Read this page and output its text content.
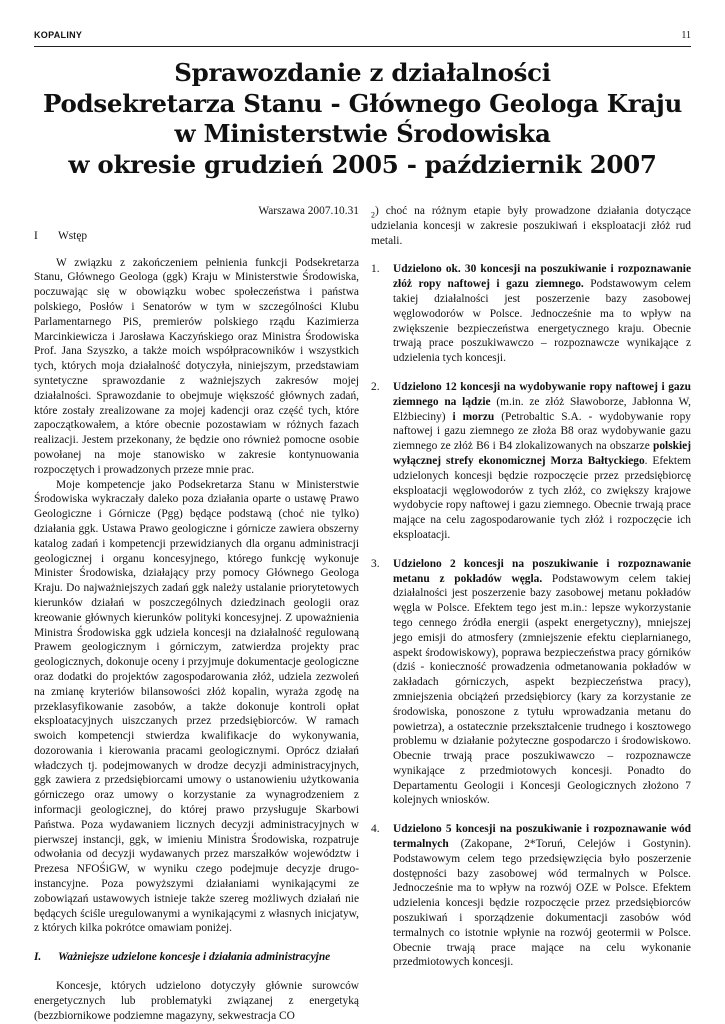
KOPALINY	11
Sprawozdanie z działalności
Podsekretarza Stanu - Głównego Geologa Kraju
w Ministerstwie Środowiska
w okresie grudzień 2005 - październik 2007

Warszawa 2007.10.31

I Wstęp

W związku z zakończeniem pełnienia funkcji Podsekretarza Stanu, Głównego Geologa (ggk) Kraju w Ministerstwie Środowiska, poczuwając się w obowiązku wobec społeczeństwa i państwa polskiego, Posłów i Senatorów w tym w szczególności Klubu Parlamentarnego PiS, premierów polskiego rządu Kazimierza Marcinkiewicza i Jarosława Kaczyńskiego oraz Ministra Środowiska Prof. Jana Szyszko, a także moich współpracowników i wszystkich tych, których moja działalność dotyczyła, niniejszym, przedstawiam syntetyczne sprawozdanie z ważniejszych zakresów mojej działalności. Sprawozdanie to obejmuje większość głównych zadań, które zostały zrealizowane za mojej kadencji oraz część tych, które zapoczątkowałem, a które obecnie pozostawiam w różnych fazach realizacji. Jestem przekonany, że będzie ono również pomocne osobie powołanej na moje stanowisko w zakresie kontynuowania rozpoczętych i prowadzonych przeze mnie prac.

Moje kompetencje jako Podsekretarza Stanu w Ministerstwie Środowiska wykraczały daleko poza działania oparte o ustawę Prawo Geologiczne i Górnicze (Pgg) będące podstawą (choć nie tylko) działania ggk. Ustawa Prawo geologiczne i górnicze zawiera obszerny katalog zadań i kompetencji przewidzianych dla organu administracji geologicznej i organu koncesyjnego, którego funkcję wykonuje Minister Środowiska, działający przy pomocy Głównego Geologa Kraju. Do najważniejszych zadań ggk należy ustalanie priorytetowych kierunków działań w poszczególnych dziedzinach geologii oraz kreowanie głównych kierunków polityki koncesyjnej. Z upoważnienia Ministra Środowiska ggk udziela koncesji na działalność regulowaną Prawem geologicznym i górniczym, zatwierdza projekty prac geologicznych, dokonuje oceny i przyjmuje dokumentacje geologiczne oraz dodatki do projektów zagospodarowania złóż, udziela zezwoleń na zmianę kryteriów bilansowości złóż kopalin, wyraża zgodę na przeklasyfikowanie zasobów, a także dokonuje kontroli opłat eksploatacyjnych uiszczanych przez przedsiębiorców. W ramach swoich kompetencji stwierdza kwalifikacje do wykonywania, dozorowania i kierowania pracami geologicznymi. Oprócz działań władczych tj. podejmowanych w drodze decyzji administracyjnych, ggk zawiera z przedsiębiorcami umowy o ustanowieniu użytkowania górniczego oraz umowy o korzystanie za wynagrodzeniem z informacji geologicznej, do której prawo przysługuje Skarbowi Państwa. Poza wydawaniem licznych decyzji administracyjnych w pierwszej instancji, ggk, w imieniu Ministra Środowiska, rozpatruje odwołania od decyzji wydawanych przez marszałków województw i Prezesa NFOŚiGW, w wyniku czego podejmuje decyzje drugo-instancyjne. Poza powyższymi działaniami wynikającymi ze zobowiązań ustawowych istnieje także szereg możliwych działań nie będących ściśle uregulowanymi a wynikającymi z własnych inicjatyw, z których kilka pokrótce omawiam poniżej.

I. Ważniejsze udzielone koncesje i działania administracyjne

Koncesje, których udzielono dotyczyły głównie surowców energetycznych lub problematyki związanej z energetyką (bezzbiornikowe podziemne magazyny, sekwestracja CO

$_2$) choć na różnym etapie były prowadzone działania dotyczące udzielania koncesji w zakresie poszukiwań i eksploatacji złóż rud metali.

1.	Udzielono ok. 30 koncesji na poszukiwanie i rozpoznawanie złóż ropy naftowej i gazu ziemnego. Podstawowym celem takiej działalności jest poszerzenie bazy zasobowej węglowodorów w Polsce. Jednocześnie ma to wpływ na zwiększenie bezpieczeństwa energetycznego kraju. Obecnie trwają prace poszukiwawczo – rozpoznawcze wynikające z udzielenia tych koncesji.
2.	Udzielono 12 koncesji na wydobywanie ropy naftowej i gazu ziemnego na lądzie (m.in. ze złóż Sławoborze, Jabłonna W, Elżbieciny) i morzu (Petrobaltic S.A. - wydobywanie ropy naftowej i gazu ziemnego ze złoża B8 oraz wydobywanie gazu ziemnego ze złóż B6 i B4 zlokalizowanych na obszarze polskiej wyłącznej strefy ekonomicznej Morza Bałtyckiego. Efektem udzielonych koncesji będzie rozpoczęcie przez przedsiębiorcę eksploatacji węglowodorów z tych złóż, co zwiększy krajowe wydobycie ropy naftowej i gazu ziemnego. Obecnie trwają prace mające na celu zagospodarowanie tych złóż i rozpoczęcie ich eksploatacji.
3.	Udzielono 2 koncesji na poszukiwanie i rozpoznawanie metanu z pokładów węgla. Podstawowym celem takiej działalności jest poszerzenie bazy zasobowej metanu pokładów węgla w Polsce. Efektem tego jest m.in.: lepsze wykorzystanie tego cennego źródła energii (aspekt energetyczny), mniejszej jego emisji do atmosfery (zmniejszenie efektu cieplarnianego, aspekt środowiskowy), poprawa bezpieczeństwa pracy górników (dziś - konieczność prowadzenia odmetanowania pokładów w zakładach górniczych, aspekt bezpieczeństwa pracy), zmniejszenia obciążeń przedsiębiorcy (kary za korzystanie ze środowiska, ponoszone z tytułu wprowadzania metanu do powietrza), a ostatecznie przekształcenie trudnego i kosztowego problemu w działanie pożyteczne gospodarczo i środowiskowo. Obecnie trwają prace poszukiwawczo – rozpoznawcze wynikające z przedmiotowych koncesji. Ponadto do Departamentu Geologii i Koncesji Geologicznych złożono 7 kolejnych wniosków.
4.	Udzielono 5 koncesji na poszukiwanie i rozpoznawanie wód termalnych (Zakopane, 2*Toruń, Celejów i Gostynin). Podstawowym celem tego przedsięwzięcia było poszerzenie dostępności bazy zasobowej wód termalnych w Polsce. Jednocześnie ma to wpływ na rozwój OZE w Polsce. Efektem udzielenia koncesji będzie rozpoczęcie przez przedsiębiorców poszukiwań i sporządzenie dokumentacji zasobów wód termalnych co istotnie wpłynie na rozwój geotermii w Polsce. Obecnie trwają prace mające na celu wykonanie przedmiotowych koncesji.
